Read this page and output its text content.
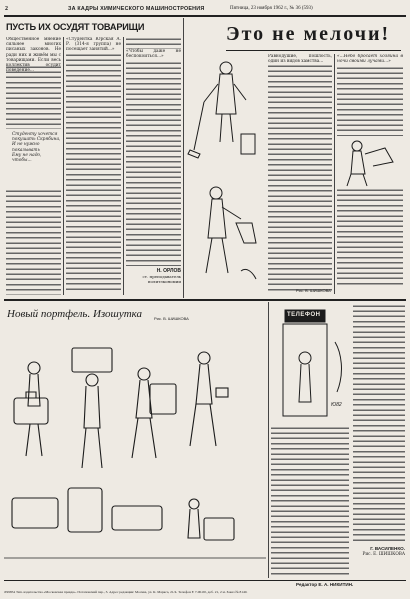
2	ЗА КАДРЫ ХИМИЧЕСКОГО МАШИНОСТРОЕНИЯ	Пятница, 23 ноября 1962 г., № 36 (593)
ПУСТЬ ИХ ОСУДЯТ ТОВАРИЩИ
Общественное мнение сильнее многих писаных законов. Не ради них и живём мы с товарищами. Если весь коллектив осудит поведение...
Студенту хочется
покушать Скрябина,
И не нужно
показывать
Ему не надо,
чтобы...
«Студентка Юрская А. Р. (314-я группа) не посещает занятий...»	«Чтобы даже не беспокоиться...»
Н. ОРЛОВ
ст. преподаватель политэкономии
Это не мелочи!
Равнодушие, пошлость, один из видов хамства...
«...Небо бросает хозяина в ночи своими лучами...»
Рис. В. ШИШКОВА
Новый портфель. Изошутка	Рис. В. ШИШКОВА
ТЕЛЕФОН
Г. ВАСИЛЕНКО.
Рис. Е. ШИШКОВА
Ю82
Редактор Е. А. НИКИТИН.
Л99854 Тип. издательства «Московская правда». Потаповский пер., 3. Адрес редакции: Москва, ул. К. Маркса, 21/4. Телефон Е 7-00-00, доб. 21, 2 м. Заказ № 8140.
